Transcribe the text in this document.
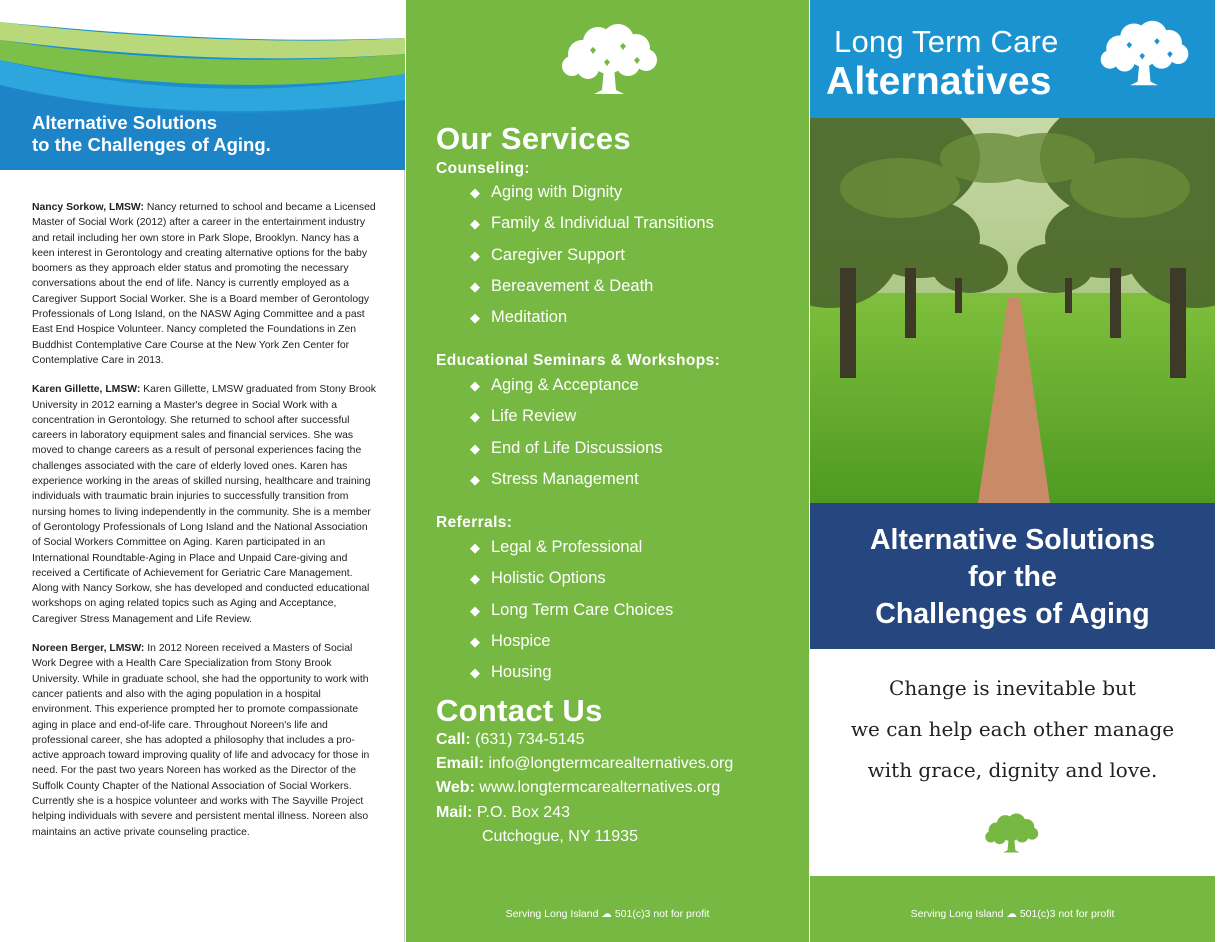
Alternative Solutions
to the Challenges of Aging.

Nancy Sorkow, LMSW: Nancy returned to school and became a Licensed Master of Social Work (2012) after a career in the entertainment industry and retail including her own store in Park Slope, Brooklyn. Nancy has a keen interest in Gerontology and creating alternative options for the baby boomers as they approach elder status and promoting the necessary conversations about the end of life. Nancy is currently employed as a Caregiver Support Social Worker. She is a Board member of Gerontology Professionals of Long Island, on the NASW Aging Committee and a past East End Hospice Volunteer. Nancy completed the Foundations in Zen Buddhist Contemplative Care Course at the New York Zen Center for Contemplative Care in 2013.

Karen Gillette, LMSW: Karen Gillette, LMSW graduated from Stony Brook University in 2012 earning a Master's degree in Social Work with a concentration in Gerontology. She returned to school after successful careers in laboratory equipment sales and financial services. She was moved to change careers as a result of personal experiences facing the challenges associated with the care of elderly loved ones. Karen has experience working in the areas of skilled nursing, healthcare and training individuals with traumatic brain injuries to successfully transition from nursing homes to living independently in the community. She is a member of Gerontology Professionals of Long Island and the National Association of Social Workers Committee on Aging. Karen participated in an International Roundtable-Aging in Place and Unpaid Care-giving and received a Certificate of Achievement for Geriatric Care Management. Along with Nancy Sorkow, she has developed and conducted educational workshops on aging related topics such as Aging and Acceptance, Caregiver Stress Management and Life Review.

Noreen Berger, LMSW: In 2012 Noreen received a Masters of Social Work Degree with a Health Care Specialization from Stony Brook University. While in graduate school, she had the opportunity to work with cancer patients and also with the aging population in a hospital environment. This experience prompted her to promote compassionate aging in place and end-of-life care. Throughout Noreen's life and professional career, she has adopted a philosophy that includes a pro-active approach toward improving quality of life and advocacy for those in need. For the past two years Noreen has worked as the Director of the Suffolk County Chapter of the National Association of Social Workers. Currently she is a hospice volunteer and works with The Sayville Project helping individuals with severe and persistent mental illness. Noreen also maintains an active private counseling practice.

Our Services
Counseling:
◆ Aging with Dignity
◆ Family & Individual Transitions
◆ Caregiver Support
◆ Bereavement & Death
◆ Meditation
Educational Seminars & Workshops:
◆ Aging & Acceptance
◆ Life Review
◆ End of Life Discussions
◆ Stress Management
Referrals:
◆ Legal & Professional
◆ Holistic Options
◆ Long Term Care Choices
◆ Hospice
◆ Housing
Contact Us
Call: (631) 734-5145
Email: info@longtermcarealternatives.org
Web: www.longtermcarealternatives.org
Mail: P.O. Box 243
Cutchogue, NY 11935
Serving Long Island ☁ 501(c)3 not for profit
Long Term Care
Alternatives
Alternative Solutions
for the
Challenges of Aging
Change is inevitable but
we can help each other manage
with grace, dignity and love.
Serving Long Island ☁ 501(c)3 not for profit
